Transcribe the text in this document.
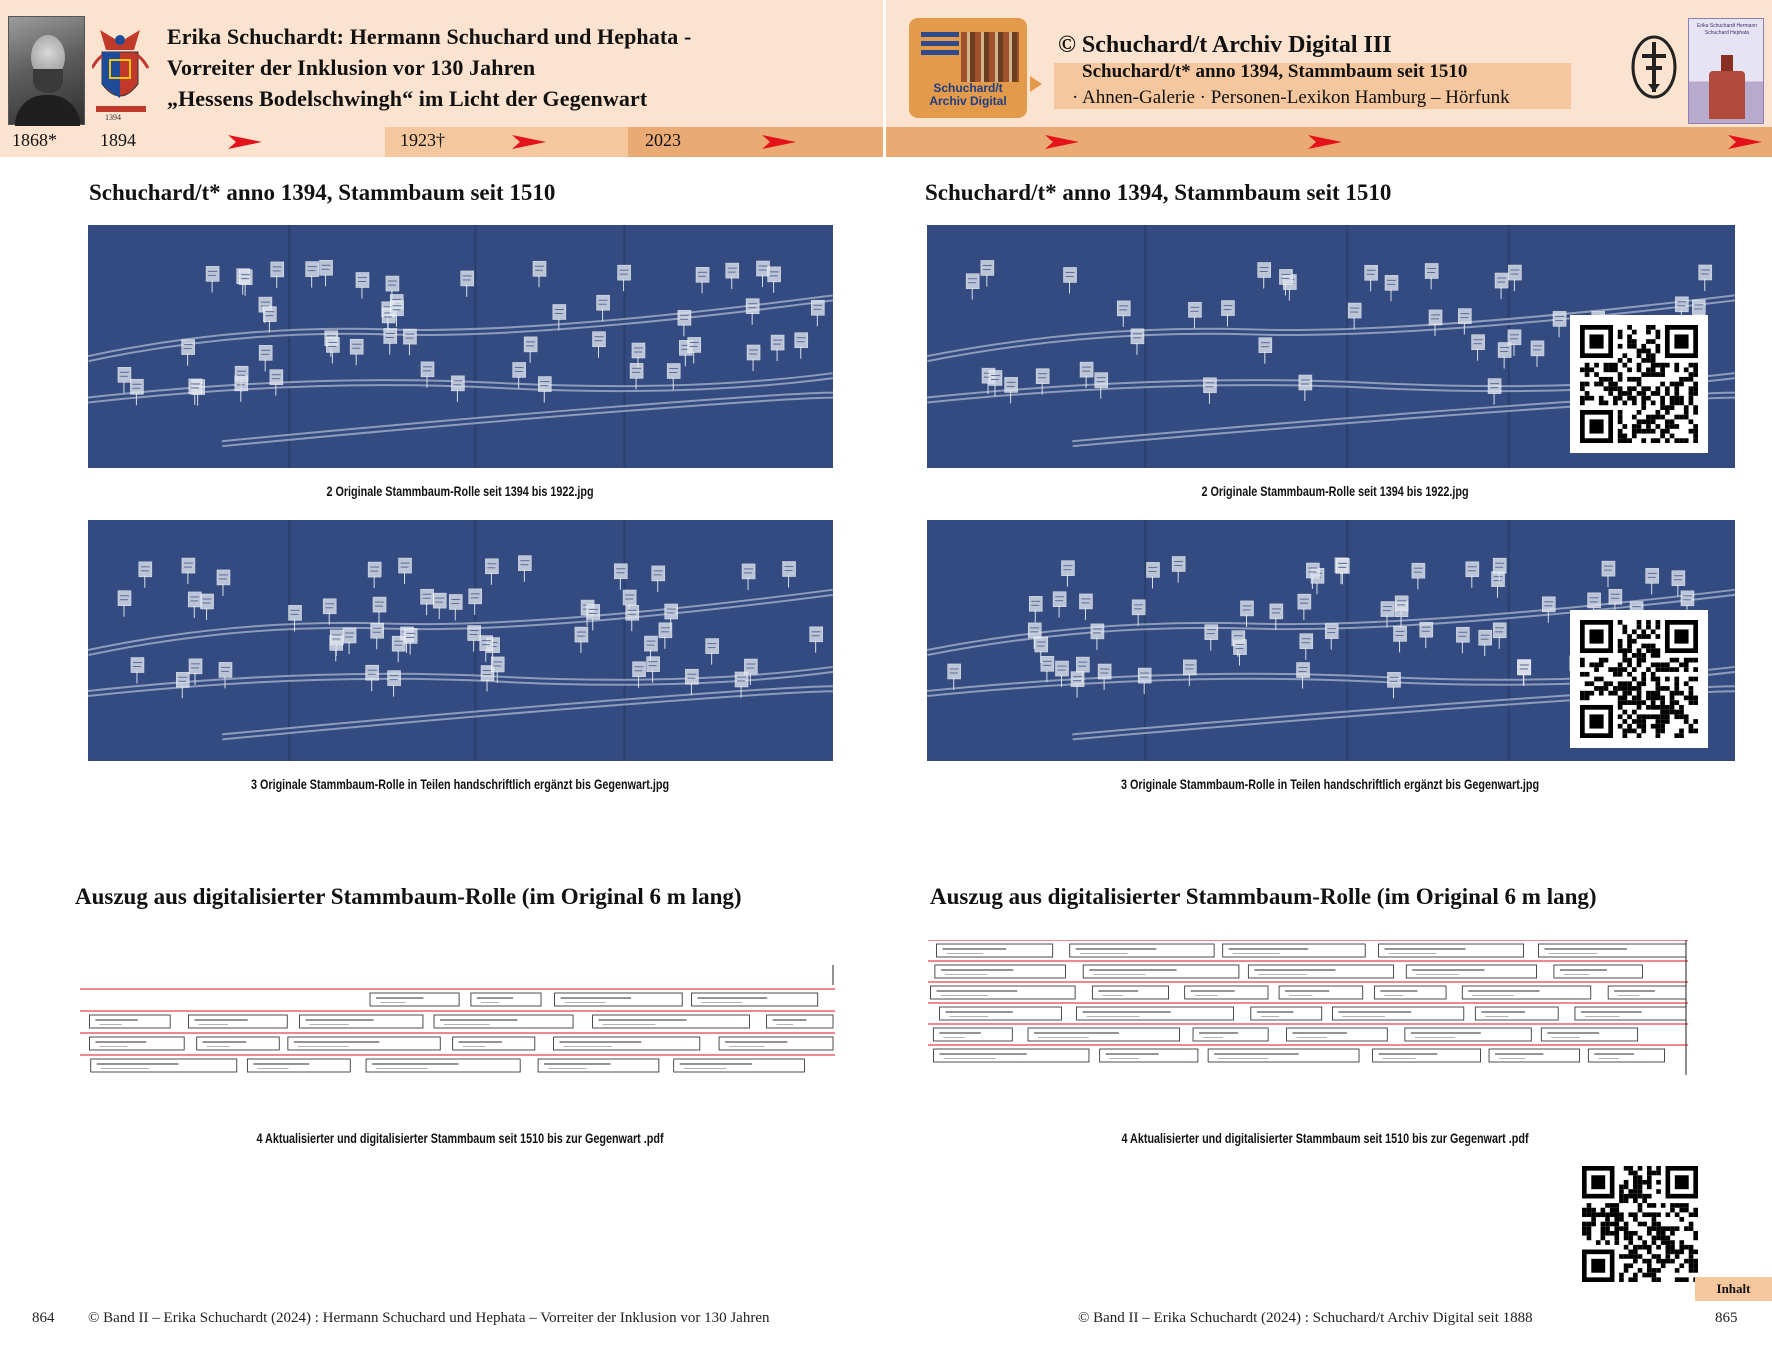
1394
Erika Schuchardt: Hermann Schuchard und Hephata -
Vorreiter der Inklusion vor 130 Jahren
„Hessens Bodelschwingh“ im Licht der Gegenwart
1868* 1894	1923†	2023
Schuchard/t
Archiv Digital
© Schuchard/t Archiv Digital III
Schuchard/t* anno 1394, Stammbaum seit 1510
· Ahnen-Galerie · Personen-Lexikon Hamburg – Hörfunk
Erika Schuchardt Hermann Schuchard Hephata
Schuchard/t* anno 1394, Stammbaum seit 1510
2 Originale Stammbaum-Rolle seit 1394 bis 1922.jpg
3 Originale Stammbaum-Rolle in Teilen handschriftlich ergänzt bis Gegenwart.jpg
Auszug aus digitalisierter Stammbaum-Rolle (im Original 6 m lang)
4 Aktualisierter und digitalisierter Stammbaum seit 1510 bis zur Gegenwart .pdf
864 © Band II – Erika Schuchardt (2024) : Hermann Schuchard und Hephata – Vorreiter der Inklusion vor 130 Jahren
Schuchard/t* anno 1394, Stammbaum seit 1510
2 Originale Stammbaum-Rolle seit 1394 bis 1922.jpg
3 Originale Stammbaum-Rolle in Teilen handschriftlich ergänzt bis Gegenwart.jpg
Auszug aus digitalisierter Stammbaum-Rolle (im Original 6 m lang)
4 Aktualisierter und digitalisierter Stammbaum seit 1510 bis zur Gegenwart .pdf
Inhalt
© Band II – Erika Schuchardt (2024) : Schuchard/t Archiv Digital seit 1888	865
